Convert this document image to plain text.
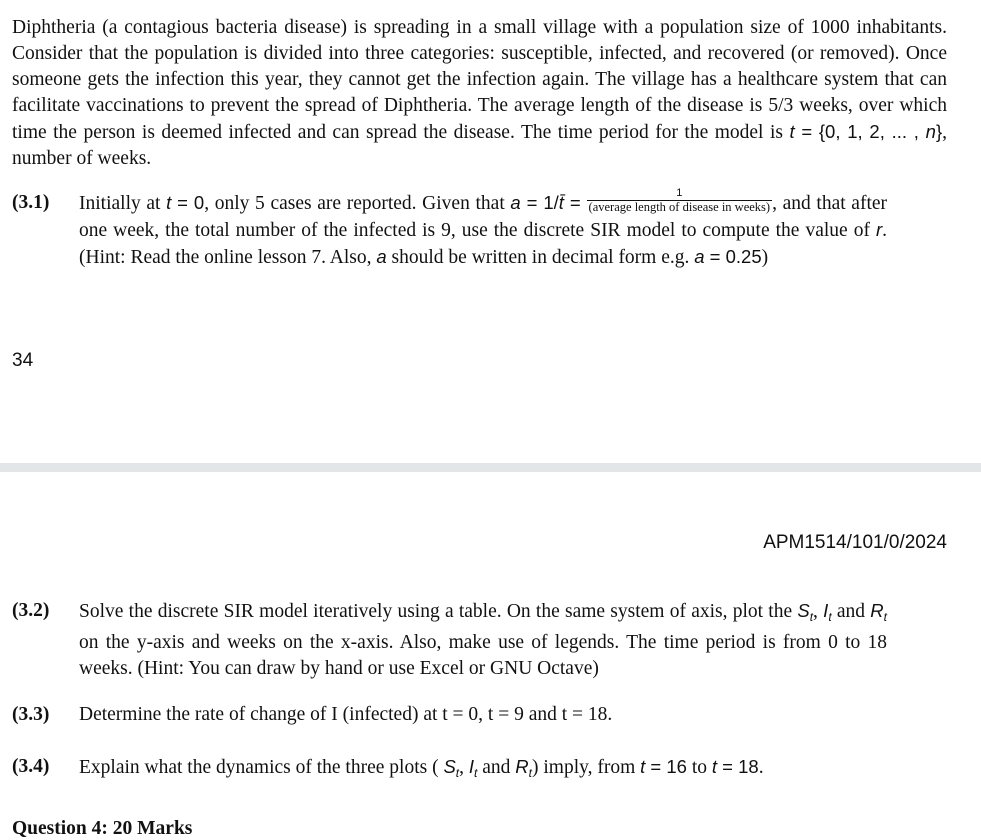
Diphtheria (a contagious bacteria disease) is spreading in a small village with a population size of 1000 inhabitants. Consider that the population is divided into three categories: susceptible, infected, and recovered (or removed). Once someone gets the infection this year, they cannot get the infection again. The village has a healthcare system that can facilitate vaccinations to prevent the spread of Diphtheria. The average length of the disease is 5/3 weeks, over which time the person is deemed infected and can spread the disease. The time period for the model is t = {0, 1, 2, ... , n}, number of weeks.
(3.1) Initially at t = 0, only 5 cases are reported. Given that a = 1/t̄ = $\frac{1}{\text{(average length of disease in weeks)}}$ , and that after one week, the total number of the infected is 9, use the discrete SIR model to compute the value of r. (Hint: Read the online lesson 7. Also, a should be written in decimal form e.g. a = 0.25)
34
APM1514/101/0/2024
(3.2) Solve the discrete SIR model iteratively using a table. On the same system of axis, plot the $S_t$, $I_t$ and $R_t$ on the y-axis and weeks on the x-axis. Also, make use of legends. The time period is from 0 to 18 weeks. (Hint: You can draw by hand or use Excel or GNU Octave)
(3.3) Determine the rate of change of I (infected) at t = 0, t = 9 and t = 18.
(3.4) Explain what the dynamics of the three plots ( $S_t$, $I_t$ and $R_t$) imply, from t = 16 to t = 18.
Question 4: 20 Marks
